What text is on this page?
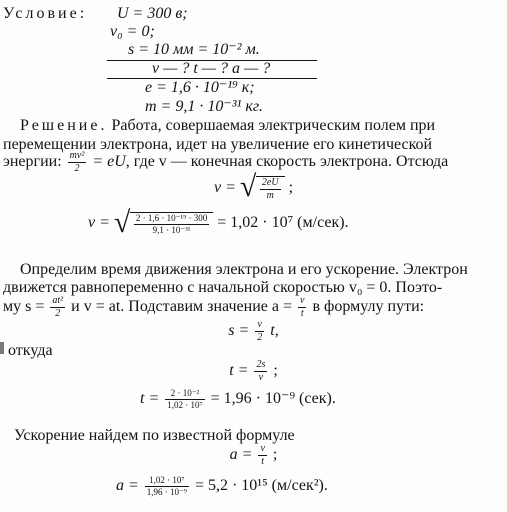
Условие: U = 300 в;
v₀ = 0;
s = 10 мм = 10⁻² м.
v — ? t — ? a — ?
e = 1,6 · 10⁻¹⁹ к;
m = 9,1 · 10⁻³¹ кг.
Решение. Работа, совершаемая электрическим полем при
перемещении электрона, идет на увеличение его кинетической
энергии: $\frac{\text{mv²}}{2}$ = eU, где v — конечная скорость электрона. Отсюда
v = √ $\frac{2eU}{m}$ ;
v = √ $\frac{\text{2 · 1,6 · 10⁻¹⁹ · 300}}{\text{9,1 · 10⁻³¹}} = 1,02 \cdot 10^7$ (м/сек).
Определим время движения электрона и его ускорение. Электрон
движется равнопеременно с начальной скоростью v₀ = 0. Поэто-
му $s = \frac{\text{at²}}{2}$ и v = at. Подставим значение $a = \frac{v}{t}$ в формулу пути:
$s = \frac{v}{2} t$,
откуда
$t = \frac{2s}{v}$ ;
$t = \frac{\text{2 · 10⁻²}}{\text{1,02 · 10⁷}} = 1,96 \cdot 10^{-9}$ (сек).
Ускорение найдем по известной формуле
$a = \frac{v}{t}$ ;
$a = \frac{\text{1,02 · 10⁷}}{\text{1,96 · 10⁻⁹}} = 5,2 \cdot 10^{15}$ (м/сек²).
